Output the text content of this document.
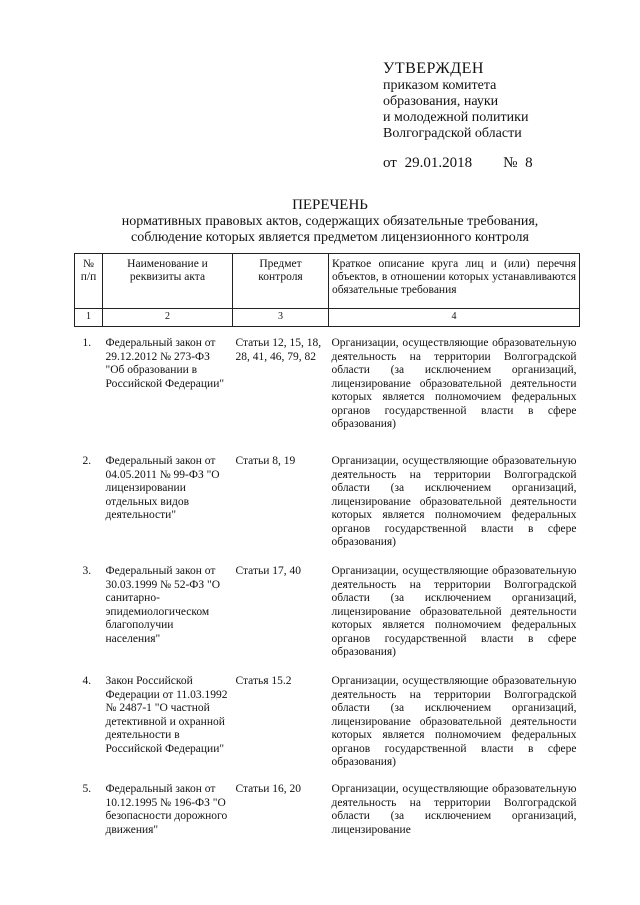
УТВЕРЖДЕН
приказом комитета
образования, науки
и молодежной политики
Волгоградской области
от 29.01.2018 № 8
ПЕРЕЧЕНЬ
нормативных правовых актов, содержащих обязательные требования,
соблюдение которых является предметом лицензионного контроля
№ п/п	Наименование и реквизиты акта	Предмет контроля	Краткое описание круга лиц и (или) перечня объектов, в отношении которых устанавливаются обязательные требования
1	2	3	4

1.	Федеральный закон от 29.12.2012 № 273-ФЗ "Об образовании в Российской Федерации"	Статьи 12, 15, 18, 28, 41, 46, 79, 82	Организации, осуществляющие образовательную деятельность на территории Волгоградской области (за исключением организаций, лицензирование образовательной деятельности которых является полномочием федеральных органов государственной власти в сфере образования)
2.	Федеральный закон от 04.05.2011 № 99-ФЗ "О лицензировании отдельных видов деятельности"	Статьи 8, 19	Организации, осуществляющие образовательную деятельность на территории Волгоградской области (за исключением организаций, лицензирование образовательной деятельности которых является полномочием федеральных органов государственной власти в сфере образования)
3.	Федеральный закон от 30.03.1999 № 52-ФЗ "О санитарно-эпидемиологическом благополучии населения"	Статьи 17, 40	Организации, осуществляющие образовательную деятельность на территории Волгоградской области (за исключением организаций, лицензирование образовательной деятельности которых является полномочием федеральных органов государственной власти в сфере образования)
4.	Закон Российской Федерации от 11.03.1992 № 2487-1 "О частной детективной и охранной деятельности в Российской Федерации"	Статья 15.2	Организации, осуществляющие образовательную деятельность на территории Волгоградской области (за исключением организаций, лицензирование образовательной деятельности которых является полномочием федеральных органов государственной власти в сфере образования)
5.	Федеральный закон от 10.12.1995 № 196-ФЗ "О безопасности дорожного движения"	Статьи 16, 20	Организации, осуществляющие образовательную деятельность на территории Волгоградской области (за исключением организаций, лицензирование
